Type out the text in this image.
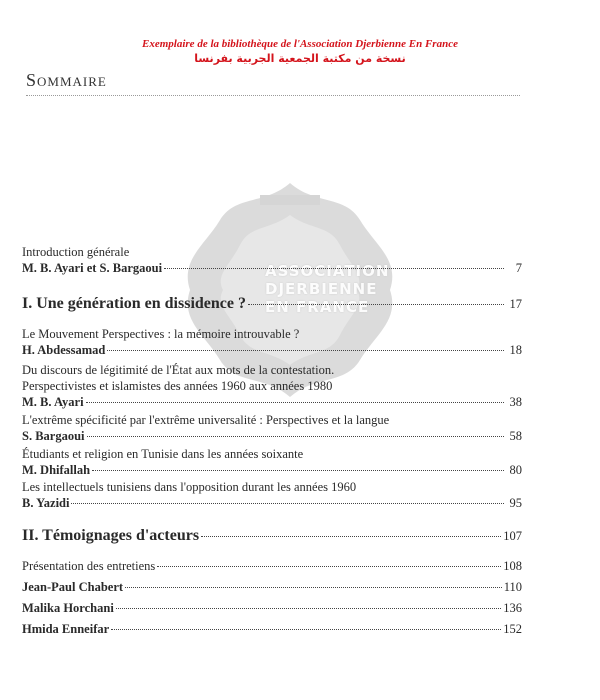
Exemplaire de la bibliothèque de l'Association Djerbienne En France
نسخة من مكتبة الجمعية الجربية بفرنسا
Sommaire
ASSOCIATION
DJERBIENNE
EN FRANCE
Introduction générale
M. B. Ayari et S. Bargaoui	7
I. Une génération en dissidence ?	17
Le Mouvement Perspectives : la mémoire introuvable ?
H. Abdessamad	18
Du discours de légitimité de l'État aux mots de la contestation.
Perspectivistes et islamistes des années 1960 aux années 1980
M. B. Ayari	38
L'extrême spécificité par l'extrême universalité : Perspectives et la langue
S. Bargaoui	58
Étudiants et religion en Tunisie dans les années soixante
M. Dhifallah	80
Les intellectuels tunisiens dans l'opposition durant les années 1960
B. Yazidi	95
II. Témoignages d'acteurs	107
Présentation des entretiens	108
Jean-Paul Chabert	110
Malika Horchani	136
Hmida Enneifar	152
